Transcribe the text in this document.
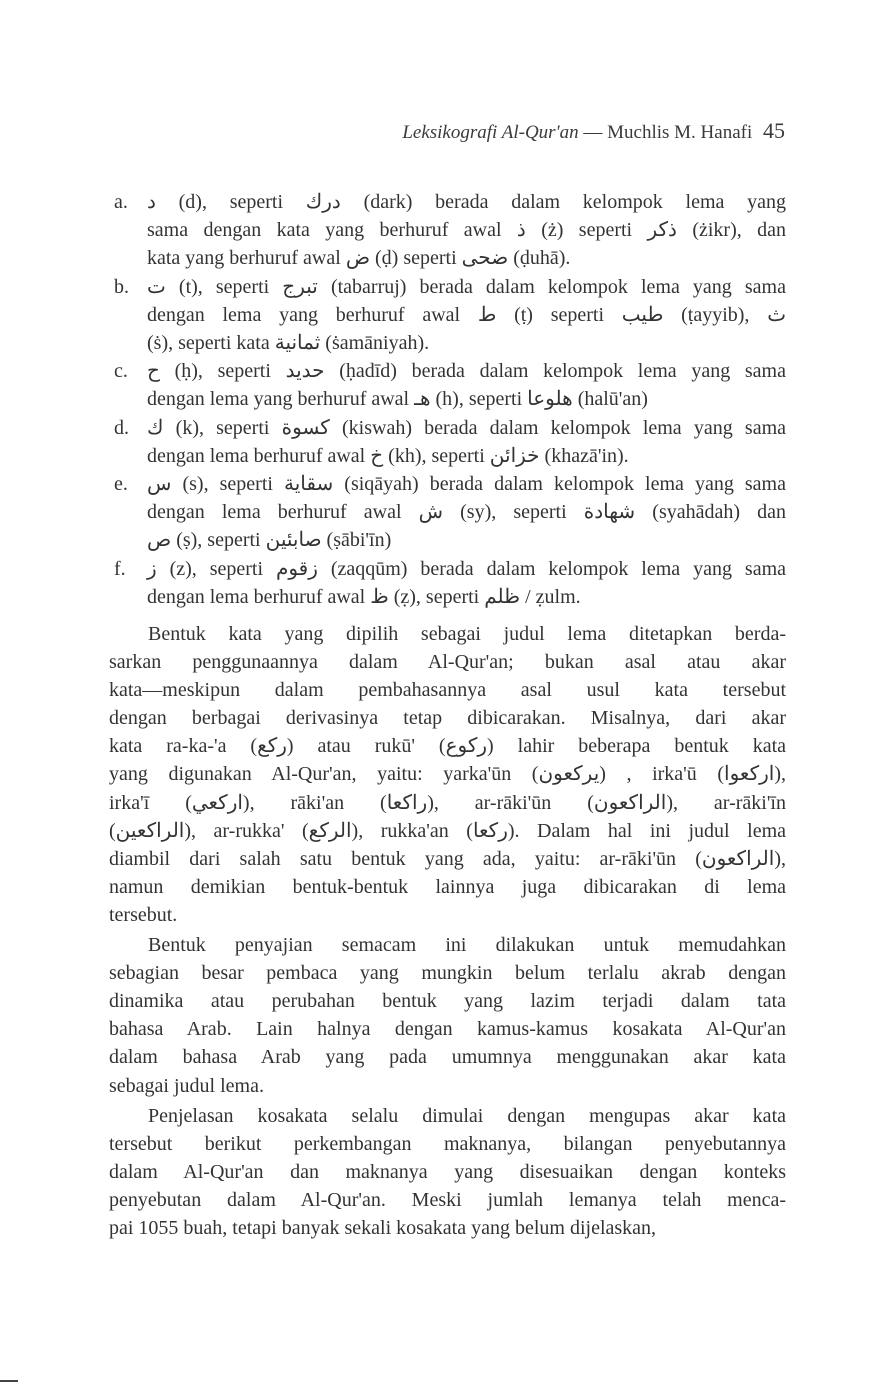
Leksikografi Al-Qur'an — Muchlis M. Hanafi 45
a. د (d), seperti درك (dark) berada dalam kelompok lema yang
sama dengan kata yang berhuruf awal ذ (ż) seperti ذكر (żikr), dan
kata yang berhuruf awal ض (ḍ) seperti ضحى (ḍuhā).
b. ت (t), seperti تبرج (tabarruj) berada dalam kelompok lema yang sama
dengan lema yang berhuruf awal ط (ṭ) seperti طيب (ṭayyib), ث
(ṡ), seperti kata ثمانية (ṡamāniyah).
c. ح (ḥ), seperti حديد (ḥadīd) berada dalam kelompok lema yang sama
dengan lema yang berhuruf awal هـ (h), seperti هلوعا (halū'an)
d. ك (k), seperti كسوة (kiswah) berada dalam kelompok lema yang sama
dengan lema berhuruf awal خ (kh), seperti خزائن (khazā'in).
e. س (s), seperti سقاية (siqāyah) berada dalam kelompok lema yang sama
dengan lema berhuruf awal ش (sy), seperti شهادة (syahādah) dan
ص (ṣ), seperti صابئين (ṣābi'īn)
f. ز (z), seperti زقوم (zaqqūm) berada dalam kelompok lema yang sama
dengan lema berhuruf awal ظ (ẓ), seperti ظلم / ẓulm.
Bentuk kata yang dipilih sebagai judul lema ditetapkan berda-
sarkan penggunaannya dalam Al-Qur'an; bukan asal atau akar
kata—meskipun dalam pembahasannya asal usul kata tersebut
dengan berbagai derivasinya tetap dibicarakan. Misalnya, dari akar
kata ra-ka-'a (ركع) atau rukū' (ركوع) lahir beberapa bentuk kata
yang digunakan Al-Qur'an, yaitu: yarka'ūn (يركعون) , irka'ū (اركعوا),
irka'ī (اركعي), rāki'an (راكعا), ar-rāki'ūn (الراكعون), ar-rāki'īn
(الراكعين), ar-rukka' (الركع), rukka'an (ركعا). Dalam hal ini judul lema
diambil dari salah satu bentuk yang ada, yaitu: ar-rāki'ūn (الراكعون),
namun demikian bentuk-bentuk lainnya juga dibicarakan di lema
tersebut.
Bentuk penyajian semacam ini dilakukan untuk memudahkan
sebagian besar pembaca yang mungkin belum terlalu akrab dengan
dinamika atau perubahan bentuk yang lazim terjadi dalam tata
bahasa Arab. Lain halnya dengan kamus-kamus kosakata Al-Qur'an
dalam bahasa Arab yang pada umumnya menggunakan akar kata
sebagai judul lema.
Penjelasan kosakata selalu dimulai dengan mengupas akar kata
tersebut berikut perkembangan maknanya, bilangan penyebutannya
dalam Al-Qur'an dan maknanya yang disesuaikan dengan konteks
penyebutan dalam Al-Qur'an. Meski jumlah lemanya telah menca-
pai 1055 buah, tetapi banyak sekali kosakata yang belum dijelaskan,
